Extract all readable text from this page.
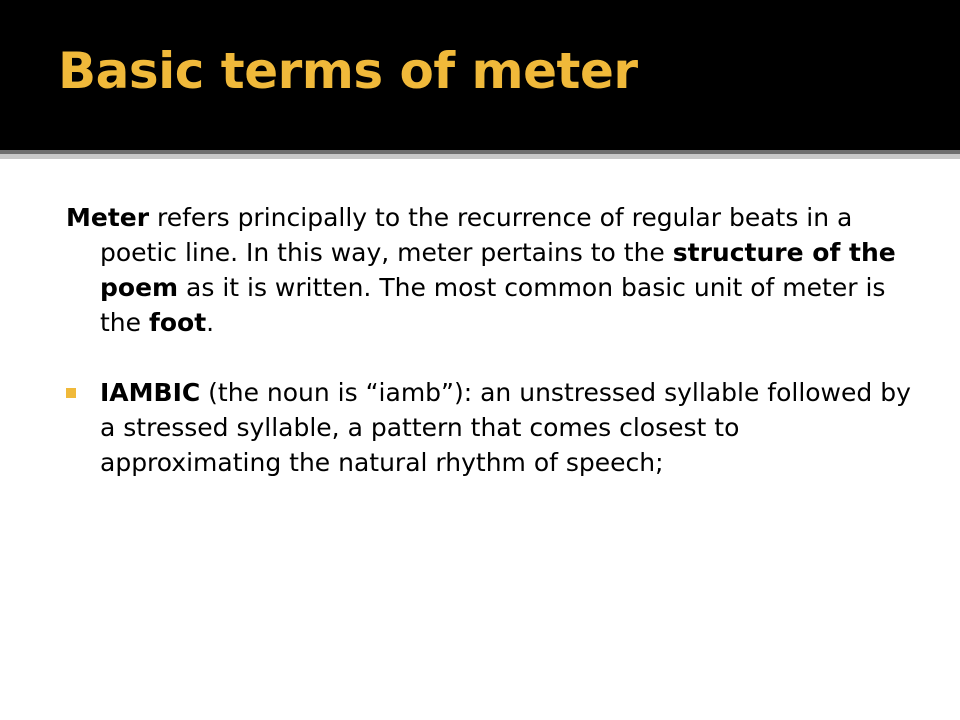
Basic terms of meter

Meter refers principally to the recurrence of regular beats in a poetic line. In this way, meter pertains to the structure of the poem as it is written. The most common basic unit of meter is the foot.

IAMBIC (the noun is “iamb”): an unstressed syllable followed by a stressed syllable, a pattern that comes closest to approximating the natural rhythm of speech;
